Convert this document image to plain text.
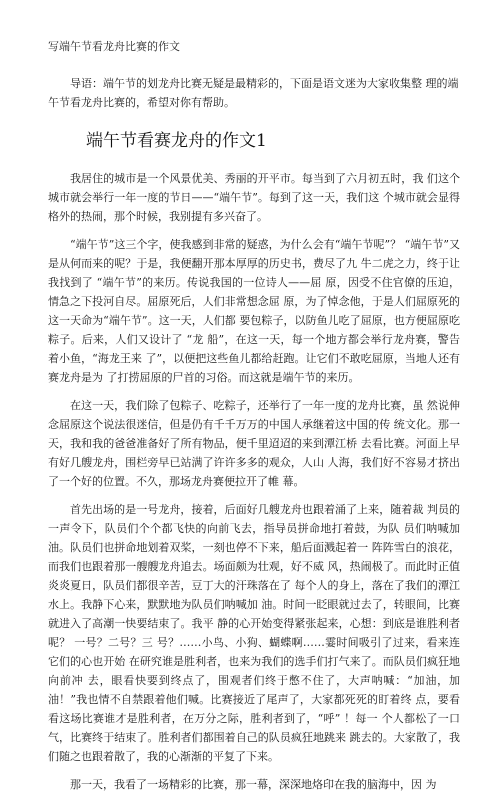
写端午节看龙舟比赛的作文

导语：端午节的划龙舟比赛无疑是最精彩的，下面是语文迷为大家收集整 理的端午节看龙舟比赛的，希望对你有帮助。

端午节看赛龙舟的作文1

我居住的城市是一个风景优美、秀丽的开平市。每当到了六月初五时，我 们这个城市就会举行一年一度的节日——“端午节”。每到了这一天，我们这 个城市就会显得格外的热闹，那个时候，我别提有多兴奋了。

“端午节”这三个字，使我感到非常的疑惑，为什么会有“端午节呢”？ “端午节”又是从何而来的呢？于是，我便翻开那本厚厚的历史书，费尽了九 牛二虎之力，终于让我找到了 “端午节”的来历。传说我国的一位诗人——屈 原，因受不住官僚的压迫，情急之下投河自尽。屈原死后，人们非常想念屈 原，为了悼念他，于是人们屈原死的这一天命为“端午节”。这一天，人们都 要包粽子，以防鱼儿吃了屈原，也方便屈原吃粽子。后来，人们又设计了 “龙 船”，在这一天，每一个地方都会举行龙舟赛，警告着小鱼，“海龙王来 了”，以便把这些鱼儿都给赶跑。让它们不敢吃屈原，当地人还有赛龙舟是为 了打捞屈原的尸首的习俗。而这就是端午节的来历。

在这一天，我们除了包粽子、吃粽子，还举行了一年一度的龙舟比赛，虽 然说伸念屈原这个说法很迷信，但是仍有千千万万的中国人承继着这中国的传 统文化。那一天，我和我的爸爸准备好了所有物品，便千里迢迢的来到潭江桥 去看比赛。河面上早有好几艘龙舟，围栏旁早已站满了许许多多的观众，人山 人海，我们好不容易才挤出了一个好的位置。不久，那场龙舟赛便拉开了帷 幕。

首先出场的是一号龙舟，接着，后面好几艘龙舟也跟着涌了上来，随着裁 判员的一声令下，队员们个个都飞快的向前飞去，指导员拼命地打着鼓，为队 员们呐喊加油。队员们也拼命地划着双桨，一刻也停不下来，船后面溅起着一 阵阵雪白的浪花，而我们也跟着那一艘艘龙舟追去。场面颇为壮观，好不威 风，热闹极了。而此时正值炎炎夏日，队员们都很辛苦，豆丁大的汗珠落在了 每个人的身上，落在了我们的潭江水上。我静下心来，默默地为队员们呐喊加 油。时间一眨眼就过去了，转眼间，比赛就进入了高潮一快要结束了。我平 静的心开始变得紧张起来，心想：到底是谁胜利者呢？ 一号？二号？三 号？……小鸟、小狗、蝴蝶啊……霎时间吸引了过来，看来连它们的心也开始 在研究谁是胜利者，也来为我们的选手们打气来了。而队员们疯狂地向前冲 去，眼看快要到终点了，围观者们终于憋不住了，大声呐喊：“加油，加 油！”我也情不自禁跟着他们喊。比赛接近了尾声了，大家都死死的盯着终 点，要看看这场比赛谁才是胜利者，在万分之际，胜利者到了，“呼” ！每一 个人都松了一口气，比赛终于结束了。胜利者们都围着自己的队员疯狂地跳来 跳去的。大家散了，我们随之也跟着散了，我的心渐渐的平复了下来。

那一天，我看了一场精彩的比赛，那一幕，深深地烙印在我的脑海中，因 为
